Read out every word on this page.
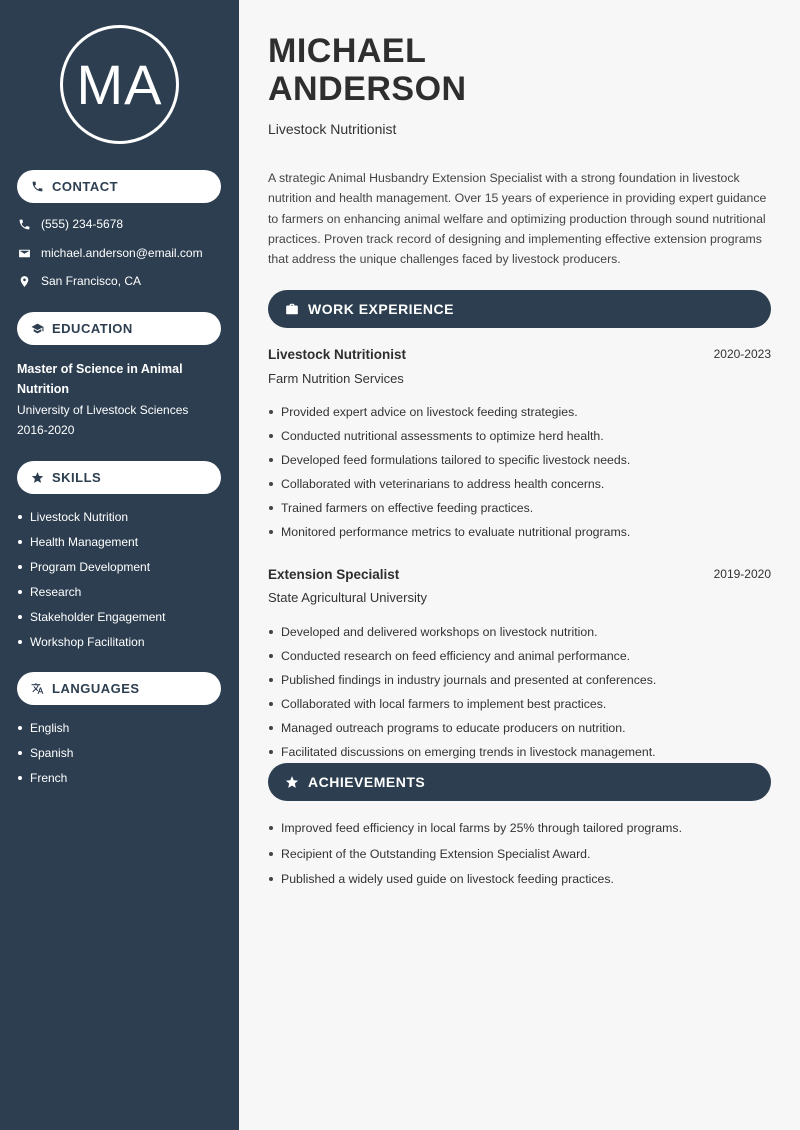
MA
CONTACT
(555) 234-5678
michael.anderson@email.com
San Francisco, CA
EDUCATION
Master of Science in Animal Nutrition
University of Livestock Sciences
2016-2020
SKILLS
Livestock Nutrition
Health Management
Program Development
Research
Stakeholder Engagement
Workshop Facilitation
LANGUAGES
English
Spanish
French
MICHAEL
ANDERSON
Livestock Nutritionist
A strategic Animal Husbandry Extension Specialist with a strong foundation in livestock nutrition and health management. Over 15 years of experience in providing expert guidance to farmers on enhancing animal welfare and optimizing production through sound nutritional practices. Proven track record of designing and implementing effective extension programs that address the unique challenges faced by livestock producers.
WORK EXPERIENCE
Livestock Nutritionist	2020-2023
Farm Nutrition Services
Provided expert advice on livestock feeding strategies.
Conducted nutritional assessments to optimize herd health.
Developed feed formulations tailored to specific livestock needs.
Collaborated with veterinarians to address health concerns.
Trained farmers on effective feeding practices.
Monitored performance metrics to evaluate nutritional programs.
Extension Specialist	2019-2020
State Agricultural University
Developed and delivered workshops on livestock nutrition.
Conducted research on feed efficiency and animal performance.
Published findings in industry journals and presented at conferences.
Collaborated with local farmers to implement best practices.
Managed outreach programs to educate producers on nutrition.
Facilitated discussions on emerging trends in livestock management.
ACHIEVEMENTS
Improved feed efficiency in local farms by 25% through tailored programs.
Recipient of the Outstanding Extension Specialist Award.
Published a widely used guide on livestock feeding practices.
